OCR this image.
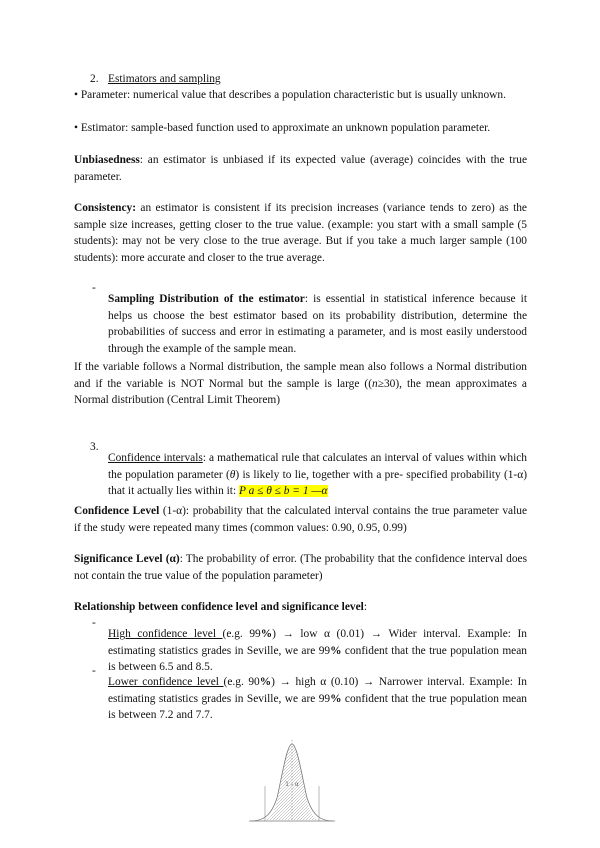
2. Estimators and sampling

• Parameter: numerical value that describes a population characteristic but is usually unknown.

• Estimator: sample-based function used to approximate an unknown population parameter.

Unbiasedness: an estimator is unbiased if its expected value (average) coincides with the true parameter.

Consistency: an estimator is consistent if its precision increases (variance tends to zero) as the sample size increases, getting closer to the true value. (example: you start with a small sample (5 students): may not be very close to the true average. But if you take a much larger sample (100 students): more accurate and closer to the true average.

-

Sampling Distribution of the estimator: is essential in statistical inference because it helps us choose the best estimator based on its probability distribution, determine the probabilities of success and error in estimating a parameter, and is most easily understood through the example of the sample mean.

If the variable follows a Normal distribution, the sample mean also follows a Normal distribution and if the variable is NOT Normal but the sample is large ((n≥30), the mean approximates a Normal distribution (Central Limit Theorem)

3.

Confidence intervals: a mathematical rule that calculates an interval of values within which the population parameter (θ) is likely to lie, together with a pre- specified probability (1-α) that it actually lies within it: P a ≤ θ ≤ b = 1 —α

Confidence Level (1-α): probability that the calculated interval contains the true parameter value if the study were repeated many times (common values: 0.90, 0.95, 0.99)

Significance Level (α): The probability of error. (The probability that the confidence interval does not contain the true value of the population parameter)

Relationship between confidence level and significance level:

-

High confidence level (e.g. 99%) → low α (0.01) → Wider interval. Example: In estimating statistics grades in Seville, we are 99% confident that the true population mean is between 6.5 and 8.5.

-

Lower confidence level (e.g. 90%) → high α (0.10) → Narrower interval. Example: In estimating statistics grades in Seville, we are 99% confident that the true population mean is between 7.2 and 7.7.

1 - α
